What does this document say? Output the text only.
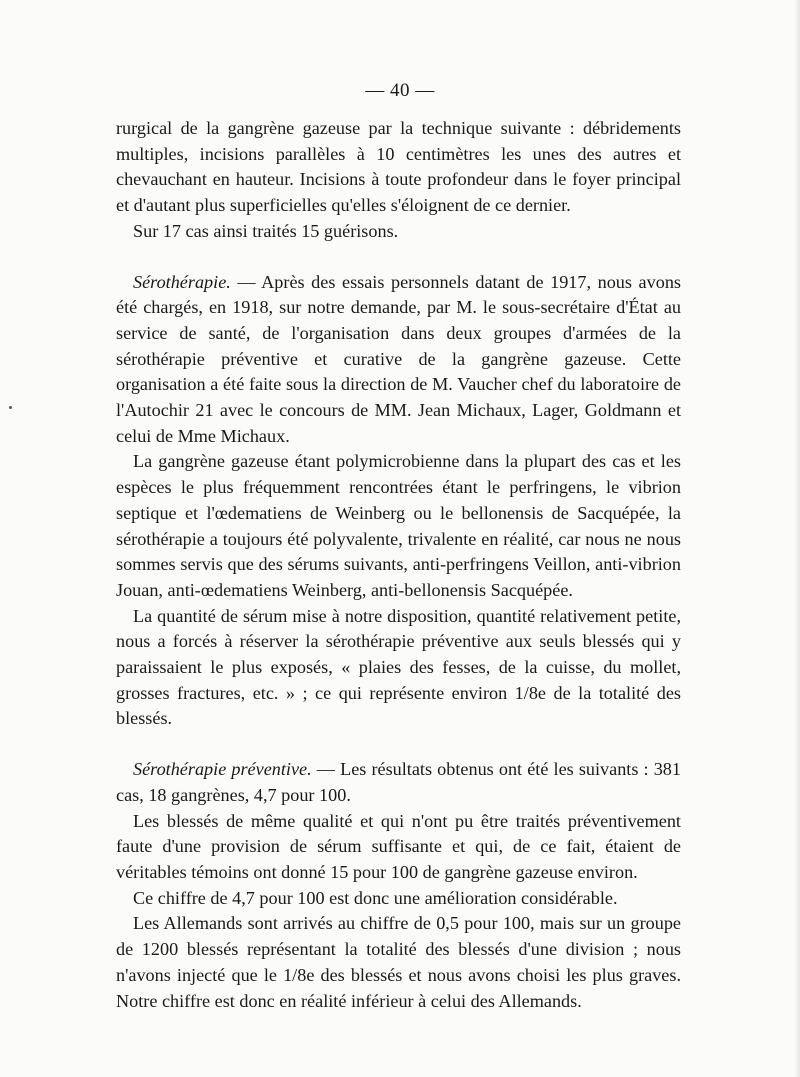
— 40 —

rurgical de la gangrène gazeuse par la technique suivante : débridements multiples, incisions parallèles à 10 centimètres les unes des autres et chevauchant en hauteur. Incisions à toute profondeur dans le foyer principal et d'autant plus superficielles qu'elles s'éloignent de ce dernier.

Sur 17 cas ainsi traités 15 guérisons.

Sérothérapie. — Après des essais personnels datant de 1917, nous avons été chargés, en 1918, sur notre demande, par M. le sous-secrétaire d'État au service de santé, de l'organisation dans deux groupes d'armées de la sérothérapie préventive et curative de la gangrène gazeuse. Cette organisation a été faite sous la direction de M. Vaucher chef du laboratoire de l'Autochir 21 avec le concours de MM. Jean Michaux, Lager, Goldmann et celui de Mme Michaux.

La gangrène gazeuse étant polymicrobienne dans la plupart des cas et les espèces le plus fréquemment rencontrées étant le perfringens, le vibrion septique et l'œdematiens de Weinberg ou le bellonensis de Sacquépée, la sérothérapie a toujours été polyvalente, trivalente en réalité, car nous ne nous sommes servis que des sérums suivants, anti-perfringens Veillon, anti-vibrion Jouan, anti-œdematiens Weinberg, anti-bellonensis Sacquépée.

La quantité de sérum mise à notre disposition, quantité relativement petite, nous a forcés à réserver la sérothérapie préventive aux seuls blessés qui y paraissaient le plus exposés, « plaies des fesses, de la cuisse, du mollet, grosses fractures, etc. » ; ce qui représente environ 1/8e de la totalité des blessés.

Sérothérapie préventive. — Les résultats obtenus ont été les suivants : 381 cas, 18 gangrènes, 4,7 pour 100.

Les blessés de même qualité et qui n'ont pu être traités préventivement faute d'une provision de sérum suffisante et qui, de ce fait, étaient de véritables témoins ont donné 15 pour 100 de gangrène gazeuse environ.

Ce chiffre de 4,7 pour 100 est donc une amélioration considérable.

Les Allemands sont arrivés au chiffre de 0,5 pour 100, mais sur un groupe de 1200 blessés représentant la totalité des blessés d'une division ; nous n'avons injecté que le 1/8e des blessés et nous avons choisi les plus graves. Notre chiffre est donc en réalité inférieur à celui des Allemands.
